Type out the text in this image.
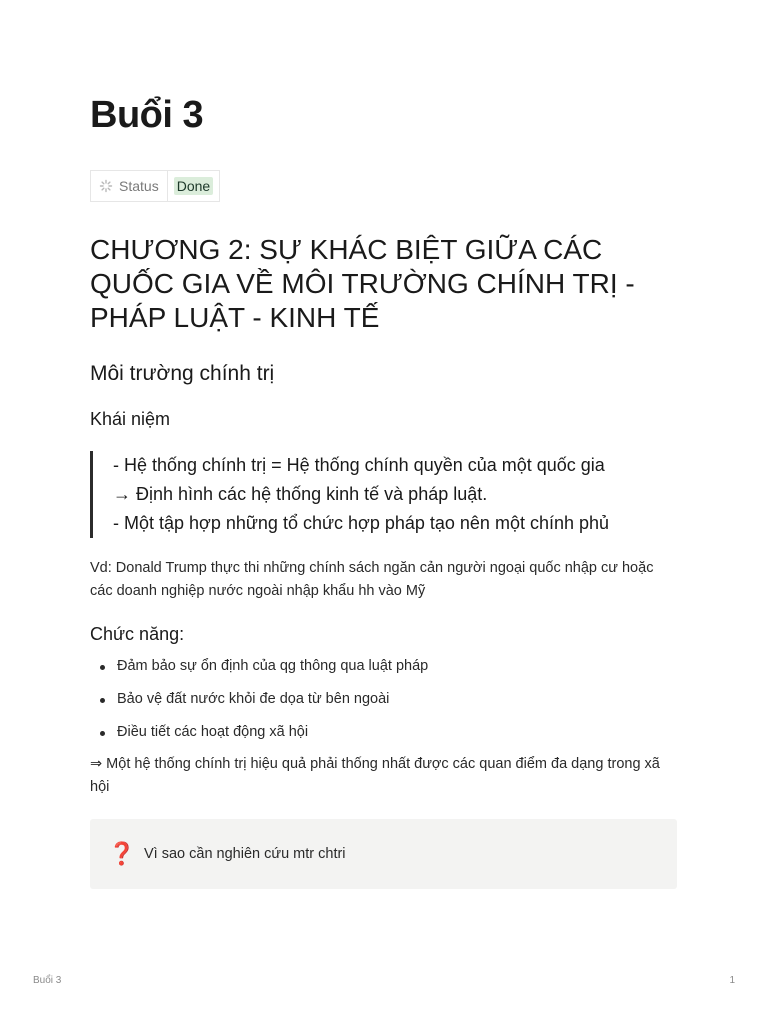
Buổi 3
Status Done
CHƯƠNG 2: SỰ KHÁC BIỆT GIỮA CÁC QUỐC GIA VỀ MÔI TRƯỜNG CHÍNH TRỊ - PHÁP LUẬT - KINH TẾ
Môi trường chính trị
Khái niệm

- Hệ thống chính trị = Hệ thống chính quyền của một quốc gia

→ Định hình các hệ thống kinh tế và pháp luật.

- Một tập hợp những tổ chức hợp pháp tạo nên một chính phủ

Vd: Donald Trump thực thi những chính sách ngăn cản người ngoại quốc nhập cư hoặc các doanh nghiệp nước ngoài nhập khẩu hh vào Mỹ

Chức năng:
Đảm bảo sự ổn định của qg thông qua luật pháp
Bảo vệ đất nước khỏi đe dọa từ bên ngoài
Điều tiết các hoạt động xã hội

⇒ Một hệ thống chính trị hiệu quả phải thống nhất được các quan điểm đa dạng trong xã hội

❓ Vì sao cần nghiên cứu mtr chtri
Buổi 3	1
